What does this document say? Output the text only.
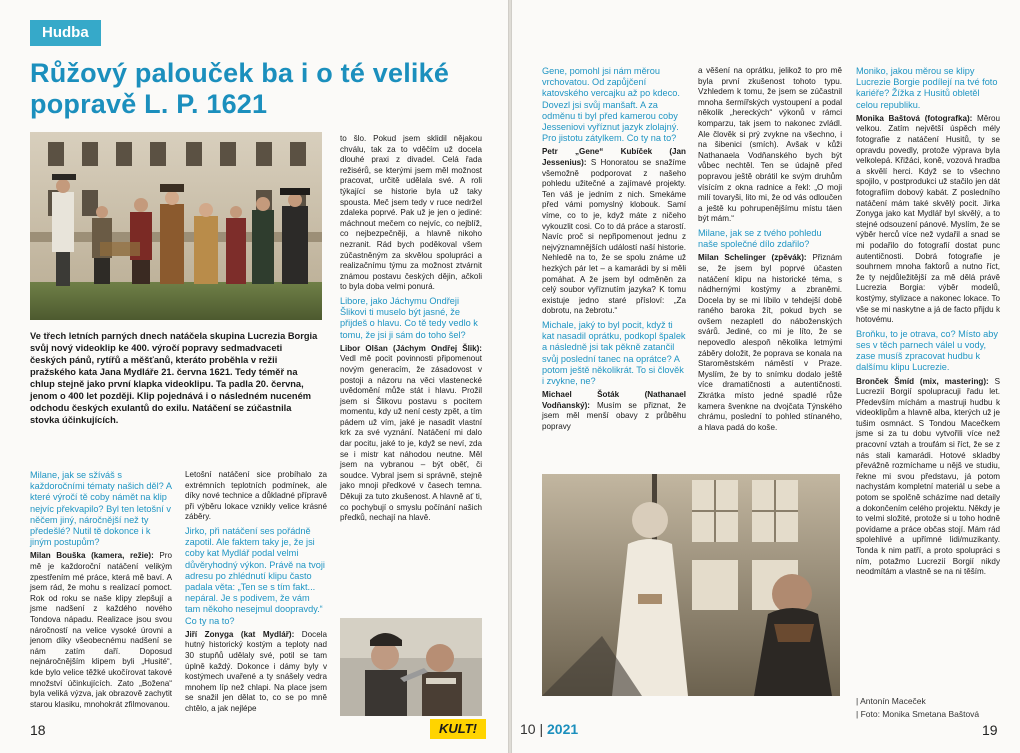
Hudba
Růžový palouček ba i o té veliké popravě L. P. 1621
Ve třech letních parných dnech natáčela skupina Lucrezia Borgia svůj nový videoklip ke 400. výročí popravy sedmadvaceti českých pánů, rytířů a měšťanů, kteráto proběhla v režii pražského kata Jana Mydláře 21. června 1621. Tedy téměř na chlup stejně jako první klapka videoklipu. Ta padla 20. června, jenom o 400 let později. Klip pojednává i o následném nuceném odchodu českých exulantů do exilu. Natáčení se zúčastnila stovka účinkujících.

Milane, jak se sžíváš s každoročními tématy našich děl? A které výročí tě coby námět na klip nejvíc překvapilo? Byl ten letošní v něčem jiný, náročnější než ty předešlé? Nutil tě dokonce i k jiným postupům?

Milan Bouška (kamera, režie): Pro mě je každoroční natáčení velikým zpestřením mé práce, která mě baví. A jsem rád, že mohu s realizací pomoct. Rok od roku se naše klipy zlepšují a jsme nadšení z každého nového Tondova nápadu. Realizace jsou svou náročností na velice vysoké úrovni a jenom díky všeobecnému nadšení se nám zatím daří. Doposud nejnáročnějším klipem byli „Husité“, kde bylo velice těžké ukočírovat takové množství účinkujících. Zato „Božena“ byla veliká výzva, jak obrazově zachytit starou klasiku, mnohokrát zfilmovanou.

Letošní natáčení sice probíhalo za extrémních teplotních podmínek, ale díky nové technice a důkladné přípravě při výběru lokace vznikly velice krásné záběry.

Jirko, při natáčení ses pořádně zapotil. Ale faktem taky je, že jsi coby kat Mydlář podal velmi důvěryhodný výkon. Právě na tvoji adresu po zhlédnutí klipu často padala věta: „Ten se s tím fakt... nepáral. Je s podivem, že vám tam někoho nesejmul doopravdy.“ Co ty na to?

Jiří Zonyga (kat Mydlář): Docela hutný historický kostým a teploty nad 30 stupňů udělaly své, potil se tam úplně každý. Dokonce i dámy byly v kostýmech uvařené a ty snášely vedra mnohem líp než chlapi. Na place jsem se snažil jen dělat to, co se po mně chtělo, a jak nejlépe

to šlo. Pokud jsem sklidil nějakou chválu, tak za to vděčím už docela dlouhé praxi z divadel. Celá řada režisérů, se kterými jsem měl možnost pracovat, určitě udělala své. A roli týkající se historie byla už taky spousta. Meč jsem tedy v ruce nedržel zdaleka poprvé. Pak už je jen o jediné: máchnout mečem co nejvíc, co nejblíž, co nejbezpečněji, a hlavně nikoho nezranit. Rád bych poděkoval všem zúčastněným za skvělou spolupráci a realizačnímu týmu za možnost ztvárnit známou postavu českých dějin, ačkoli to byla doba velmi ponurá.

Libore, jako Jáchymu Ondřeji Šlikovi ti muselo být jasné, že přijdeš o hlavu. Co tě tedy vedlo k tomu, že jsi ji sám do toho šel?

Libor Olšan (Jáchym Ondřej Šlik): Vedl mě pocit povinnosti připomenout novým generacím, že zásadovost v postoji a názoru na věci vlastenecké uvědomění může stát i hlavu. Prožil jsem si Šlikovu postavu s pocitem momentu, kdy už není cesty zpět, a tím pádem už vím, jaké je nasadit vlastní krk za své vyznání. Natáčení mi dalo dar pocitu, jaké to je, když se neví, zda se i mistr kat náhodou neutne. Měl jsem na vybranou – být oběť, či soudce. Vybral jsem si správně, stejně jako mnoji předkové v časech temna. Děkuji za tuto zkušenost. A hlavně ať ti, co pochybují o smyslu počínání našich předků, nechají na hlavě.

18	KULT!

Gene, pomohl jsi nám měrou vrchovatou. Od zapůjčení katovského vercajku až po kdeco. Dovezl jsi svůj manšaft. A za odměnu ti byl před kamerou coby Jesseniovi vyříznut jazyk zlolajný. Pro jistotu zátylkem. Co ty na to?

Petr „Gene“ Kubíček (Jan Jessenius): S Honoratou se snažíme všemožně podporovat z našeho pohledu užitečné a zajímavé projekty. Ten váš je jedním z nich. Smekáme před vámi pomyslný klobouk. Samí víme, co to je, když máte z ničeho vykouzlit cosi. Co to dá práce a starostí. Navíc proč si nepřipomenout jednu z nejvýznamnějších událostí naší historie. Nehledě na to, že se spolu známe už hezkých pár let – a kamarádi by si měli pomáhat. A že jsem byl odměněn za celý soubor vyříznutím jazyka? K tomu existuje jedno staré přísloví: „Za dobrotu, na žebrotu.“

Michale, jaký to byl pocit, když ti kat nasadil oprátku, podkopl špalek a následně jsi tak pěkně zatančil svůj poslední tanec na oprátce? A potom ještě několikrát. To si člověk i zvykne, ne?

Michael Šoták (Nathanael Vodňanský): Musím se přiznat, že jsem měl menší obavy z průběhu popravy

a věšení na oprátku, jelikož to pro mě byla první zkušenost tohoto typu. Vzhledem k tomu, že jsem se zúčastnil mnoha šermířských vystoupení a podal několik „hereckých“ výkonů v rámci komparzu, tak jsem to nakonec zvládl. Ale člověk si prý zvykne na všechno, i na šibenici (smích). Avšak v kůži Nathanaela Vodňanského bych být vůbec nechtěl. Ten se údajně před popravou ještě obrátil ke svým druhům vísícím z okna radnice a řekl: „O moji milí tovaryši, lito mi, že od vás odloučen a ještě ku pohrupenějšímu místu táen být mám.“

Milane, jak se z tvého pohledu naše společné dílo zdařilo?

Milan Schelinger (zpěvák): Přiznám se, že jsem byl poprvé účasten natáčení klipu na historické téma, s nádhernými kostýmy a zbraněmi. Docela by se mi líbilo v tehdejší době raného baroka žít, pokud bych se ovšem nezapletl do náboženských svárů. Jediné, co mi je líto, že se nepovedlo alespoň několika letmými záběry doložit, že poprava se konala na Staroměstském náměstí v Praze. Myslím, že by to snímku dodalo ještě více dramatičnosti a autentičnosti. Zkrátka místo jedné spadlé růže kamera švenkne na dvojčata Týnského chrámu, poslední to pohled stínaného, a hlava padá do koše.

Moniko, jakou měrou se klipy Lucrezie Borgie podílejí na tvé foto kariéře? Žížka z Husitů obletěl celou republiku.

Monika Baštová (fotografka): Měrou velkou. Zatím největší úspěch mély fotografie z natáčení Husitů, ty se opravdu povedly, protože výprava byla velkolepá. Křižáci, koně, vozová hradba a skvělí herci. Když se to všechno spojilo, v postprodukci už stačilo jen dát fotografiím dobový kabát. Z posledního natáčení mám také skvělý pocit. Jirka Zonyga jako kat Mydlář byl skvělý, a to stejné odsouzení pánové. Myslím, že se výběr herců více než vydařil a snad se mi podařilo do fotografií dostat punc autentičnosti. Dobrá fotografie je souhrnem mnoha faktorů a nutno říct, že ty nejdůležitější za mě dělá právě Lucrezia Borgia: výběr modelů, kostýmy, stylizace a nakonec lokace. To vše se mi naskytne a já de facto přijdu k hotovému.

Broňku, to je otrava, co? Místo aby ses v těch parnech válel u vody, zase musíš zpracovat hudbu k dalšímu klipu Lucrezie.

Bronček Šmíd (mix, mastering): S Lucrezií Borgií spolupracuji řadu let. Především míchám a mastruji hudbu k videoklipům a hlavně alba, kterých už je tušim osmnáct. S Tondou Macečkem jsme si za tu dobu vytvořili více než pracovní vztah a troufám si říct, že se z nás stali kamarádi. Hotové skladby převážně rozmíchame u nějš ve studiu, řekne mi svou představu, já potom nachystám kompletní materiál u sebe a potom se spolčně scházíme nad detaily a dokončením celého projektu. Někdy je to velmi složité, protože si u toho hodně povídame a práce občas stojí. Mám rád spolehlivé a upřímné lidi/muzikanty. Tonda k nim patří, a proto spolupráci s ním, potažmo Lucrezií Borgií nikdy neodmítám a vlastně se na ni těším.

| Antonín Maceček
| Foto: Monika Smetana Baštová
10 | 2021	19
